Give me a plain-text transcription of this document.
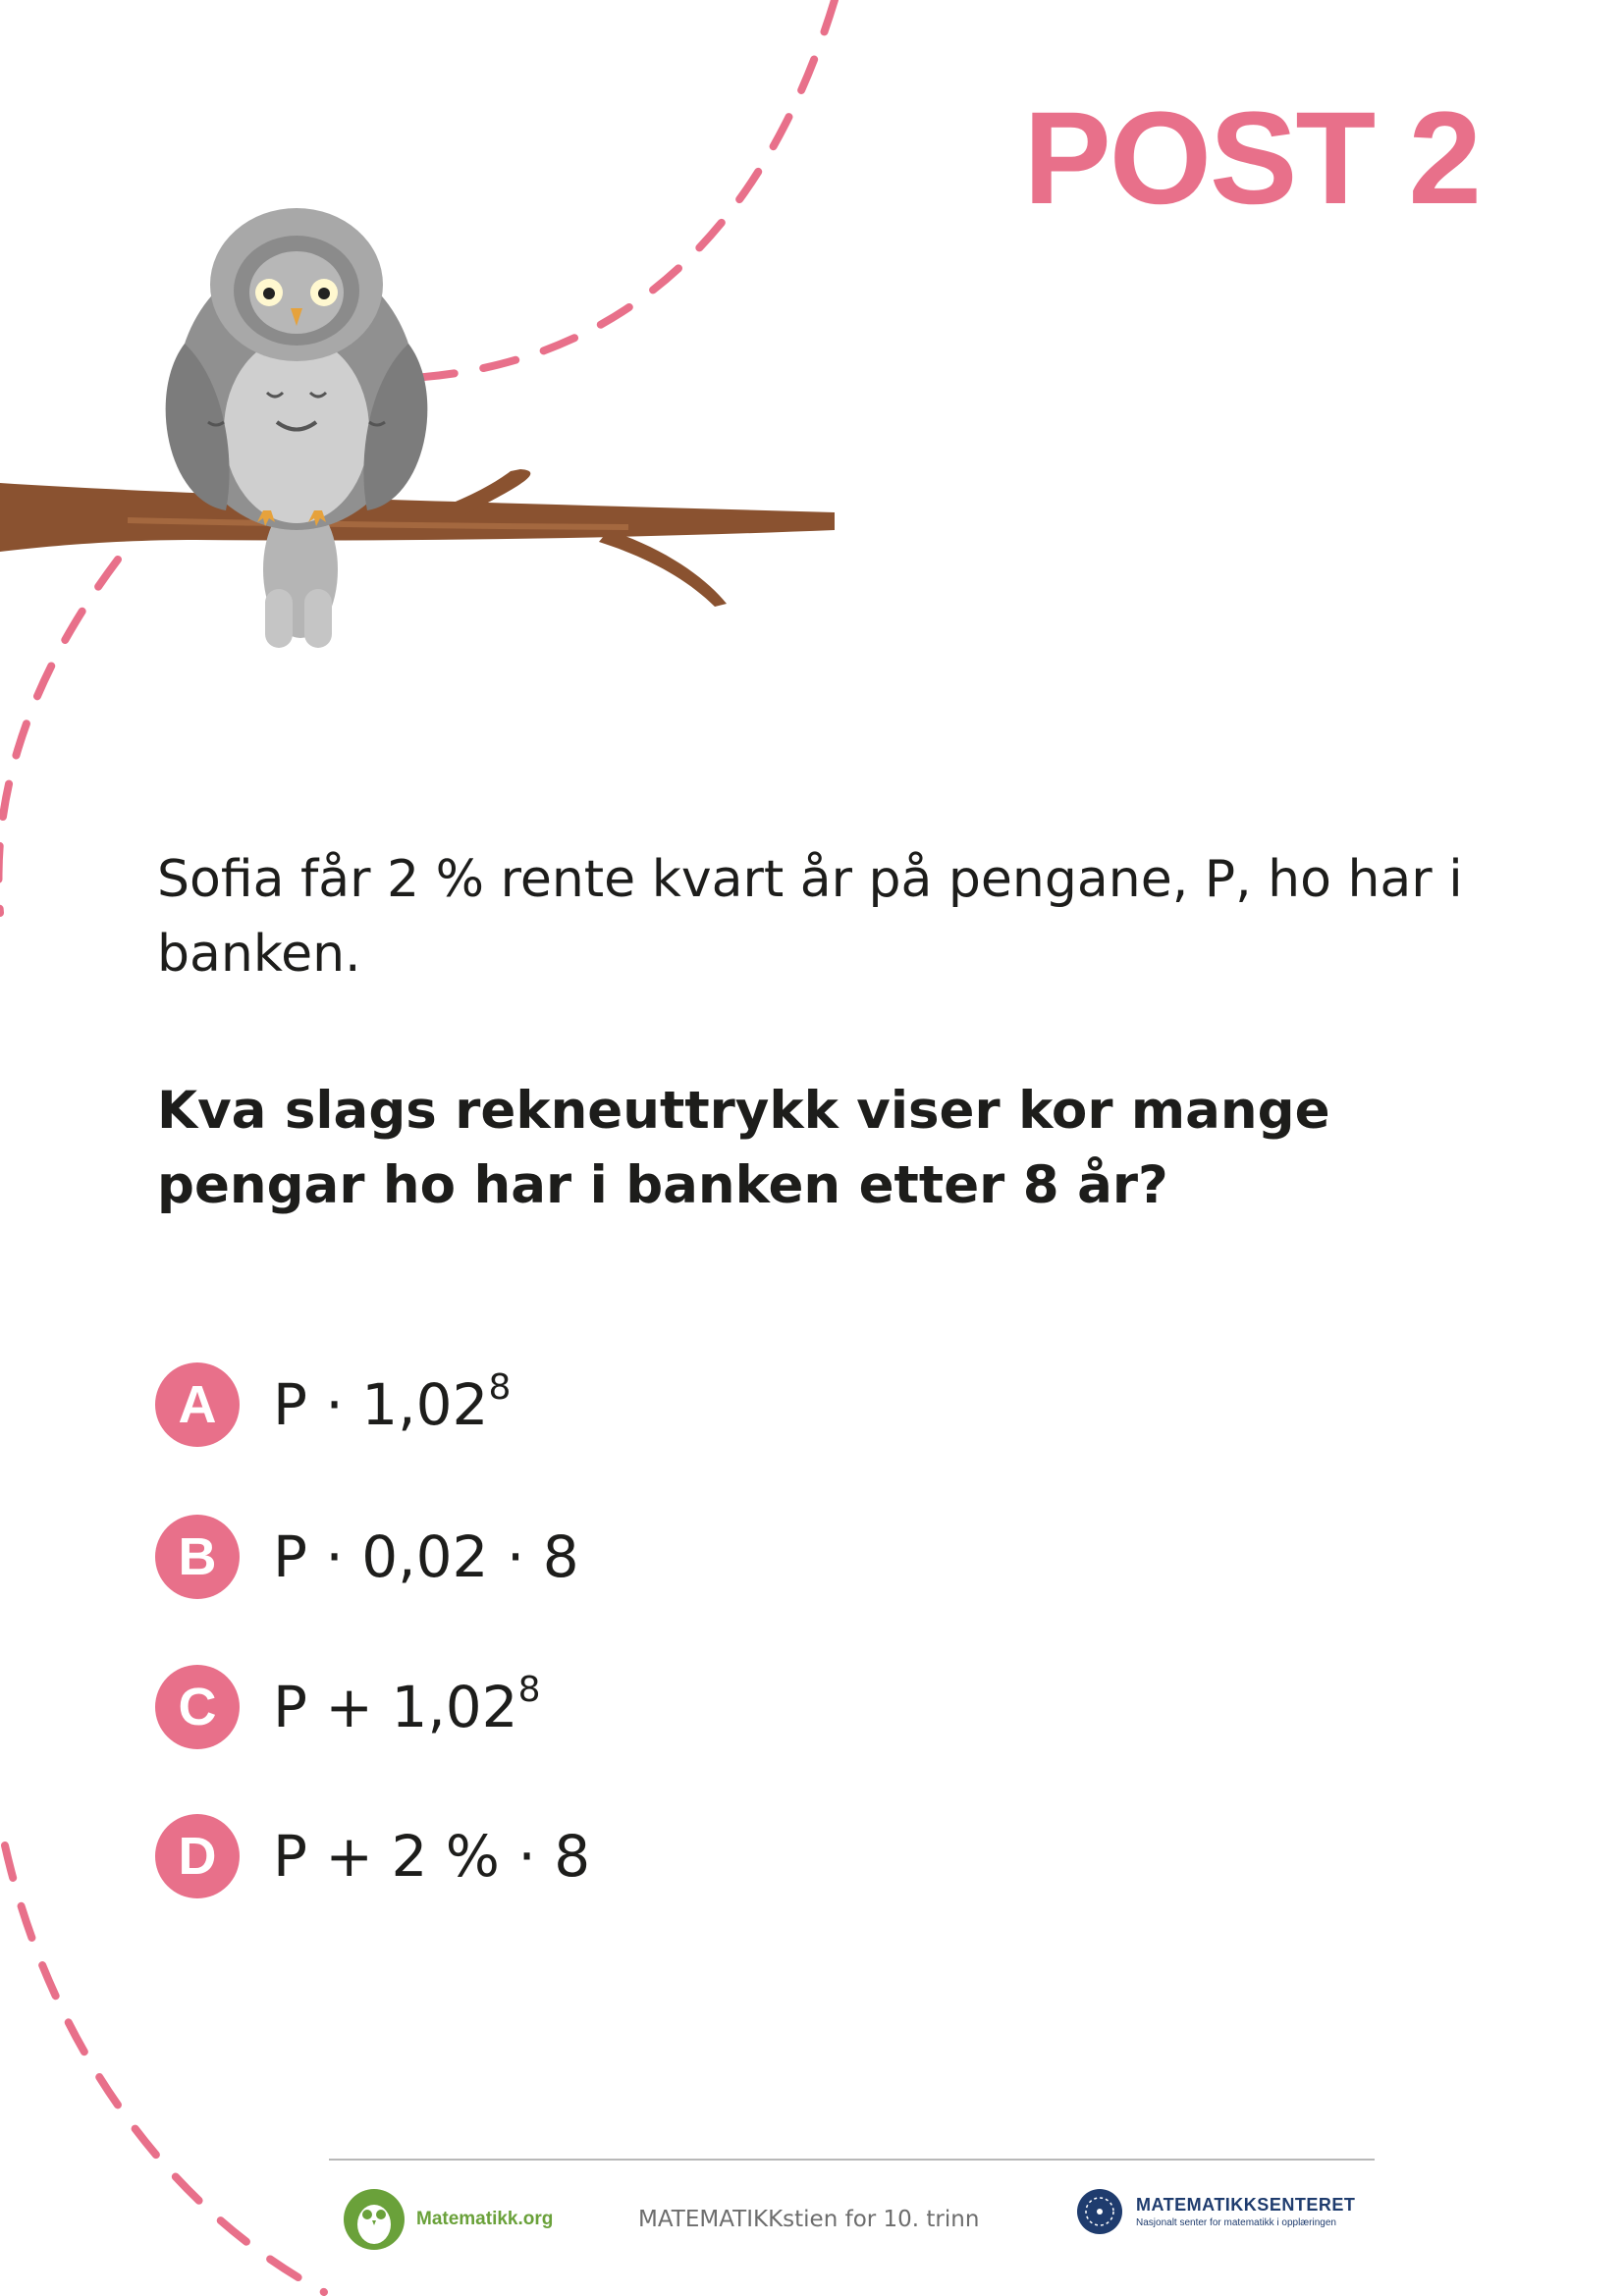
POST 2
Sofia får 2 % rente kvart år på pengane, P, ho har i banken.
Kva slags rekneuttrykk viser kor mange pengar ho har i banken etter 8 år?
A $P \cdot 1,02^8$
B P · 0,02 · 8
C $P + 1,02^8$
D P + 2 % · 8
Matematikk.org	MATEMATIKKstien for 10. trinn
MATEMATIKKSENTERET
Nasjonalt senter for matematikk i opplæringen
